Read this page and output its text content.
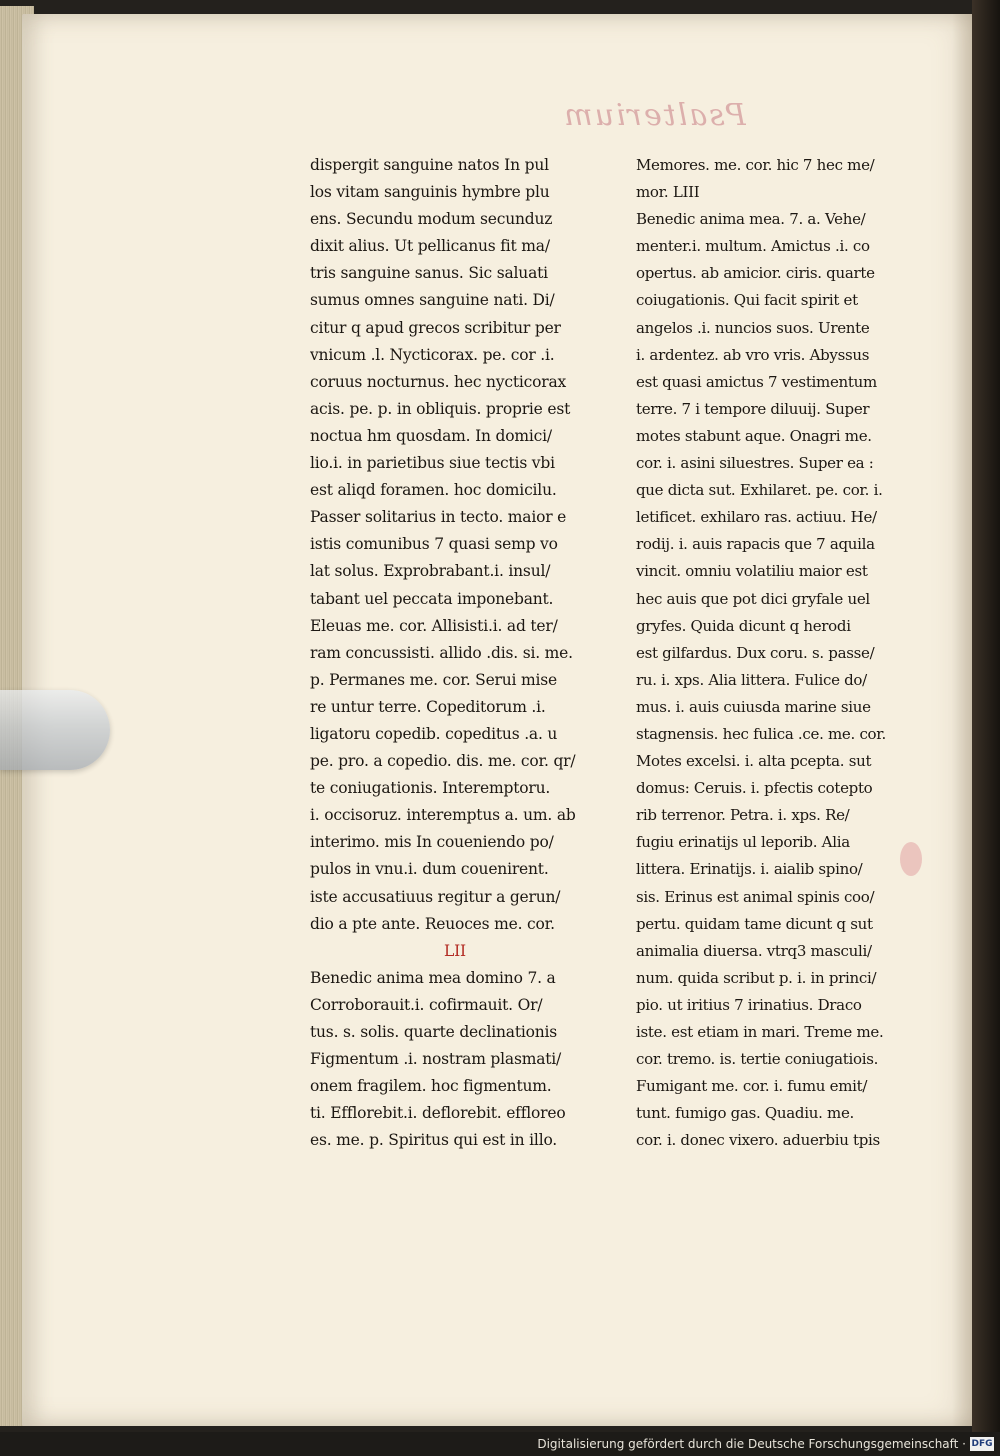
Psalterium
dispergit sanguine natos In pul
los vitam sanguinis hymbre plu
ens. Secundu modum secunduz
dixit alius. Ut pellicanus fit ma/
tris sanguine sanus. Sic saluati
sumus omnes sanguine nati. Di/
citur q apud grecos scribitur per
vnicum .l. Nycticorax. pe. cor .i.
coruus nocturnus. hec nycticorax
acis. pe. p. in obliquis. proprie est
noctua hm quosdam. In domici/
lio.i. in parietibus siue tectis vbi
est aliqd foramen. hoc domicilu.
Passer solitarius in tecto. maior e
istis comunibus 7 quasi semp vo
lat solus. Exprobrabant.i. insul/
tabant uel peccata imponebant.
Eleuas me. cor. Allisisti.i. ad ter/
ram concussisti. allido .dis. si. me.
p. Permanes me. cor. Serui mise
re untur terre. Copeditorum .i.
ligatoru copedib. copeditus .a. u
pe. pro. a copedio. dis. me. cor. qr/
te coniugationis. Interemptoru.
i. occisoruz. interemptus a. um. ab
interimo. mis In coueniendo po/
pulos in vnu.i. dum couenirent.
iste accusatiuus regitur a gerun/
dio a pte ante. Reuoces me. cor.
LII
Benedic anima mea domino 7. a
Corroborauit.i. cofirmauit. Or/
tus. s. solis. quarte declinationis
Figmentum .i. nostram plasmati/
onem fragilem. hoc figmentum.
ti. Efflorebit.i. deflorebit. effloreo
es. me. p. Spiritus qui est in illo.
Memores. me. cor. hic 7 hec me/
mor. LIII
Benedic anima mea. 7. a. Vehe/
menter.i. multum. Amictus .i. co
opertus. ab amicior. ciris. quarte
coiugationis. Qui facit spirit et
angelos .i. nuncios suos. Urente
i. ardentez. ab vro vris. Abyssus
est quasi amictus 7 vestimentum
terre. 7 i tempore diluuij. Super
motes stabunt aque. Onagri me.
cor. i. asini siluestres. Super ea :
que dicta sut. Exhilaret. pe. cor. i.
letificet. exhilaro ras. actiuu. He/
rodij. i. auis rapacis que 7 aquila
vincit. omniu volatiliu maior est
hec auis que pot dici gryfale uel
gryfes. Quida dicunt q herodi
est gilfardus. Dux coru. s. passe/
ru. i. xps. Alia littera. Fulice do/
mus. i. auis cuiusda marine siue
stagnensis. hec fulica .ce. me. cor.
Motes excelsi. i. alta pcepta. sut
domus: Ceruis. i. pfectis cotepto
rib terrenor. Petra. i. xps. Re/
fugiu erinatijs ul leporib. Alia
littera. Erinatijs. i. aialib spino/
sis. Erinus est animal spinis coo/
pertu. quidam tame dicunt q sut
animalia diuersa. vtrq3 masculi/
num. quida scribut p. i. in princi/
pio. ut iritius 7 irinatius. Draco
iste. est etiam in mari. Treme me.
cor. tremo. is. tertie coniugatiois.
Fumigant me. cor. i. fumu emit/
tunt. fumigo gas. Quadiu. me.
cor. i. donec vixero. aduerbiu tpis
Digitalisierung gefördert durch die Deutsche Forschungsgemeinschaft · DFG
